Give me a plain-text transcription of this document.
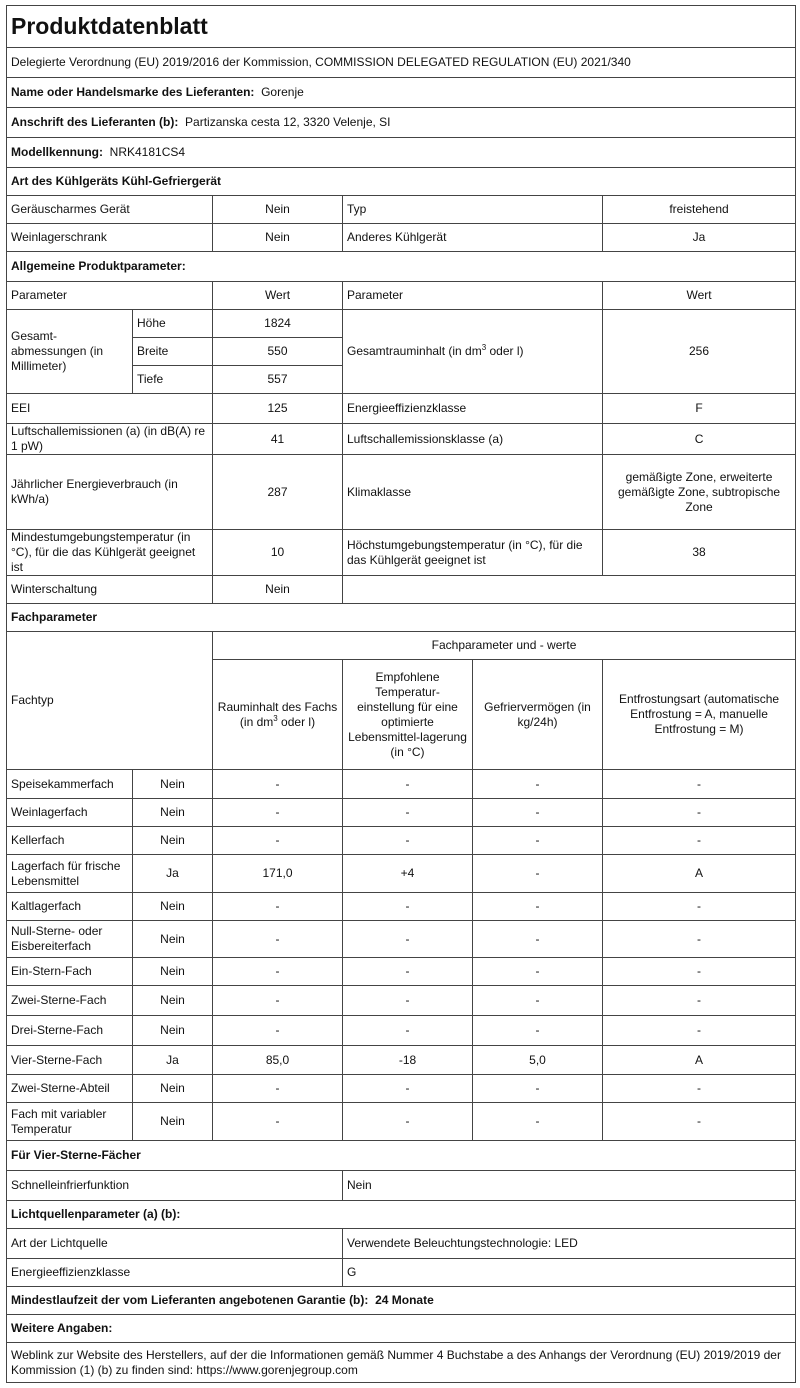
Produktdatenblatt					
Delegierte Verordnung (EU) 2019/2016 der Kommission, COMMISSION DELEGATED REGULATION (EU) 2021/340					
Name oder Handelsmarke des Lieferanten: Gorenje					
Anschrift des Lieferanten (b): Partizanska cesta 12, 3320 Velenje, SI					
Modellkennung: NRK4181CS4					
Art des Kühlgeräts Kühl-Gefriergerät					
Geräuscharmes Gerät		Nein	Typ		freistehend
Weinlagerschrank		Nein	Anderes Kühlgerät		Ja
Allgemeine Produktparameter:					
Parameter		Wert	Parameter		Wert
Gesamt-abmessungen (in Millimeter)	Höhe	1824	Gesamtrauminhalt (in $dm^3$ oder l)		256
	Breite	550			
	Tiefe	557			
EEI		125	Energieeffizienzklasse		F
Luftschallemissionen (a) (in dB(A) re 1 pW)		41	Luftschallemissionsklasse (a)		C
Jährlicher Energieverbrauch (in kWh/a)		287	Klimaklasse		gemäßigte Zone, erweiterte gemäßigte Zone, subtropische Zone
Mindestumgebungstemperatur (in °C), für die das Kühlgerät geeignet ist		10	Höchstumgebungstemperatur (in °C), für die das Kühlgerät geeignet ist		38
Winterschaltung		Nein			
Fachparameter					
Fachtyp		Fachparameter und - werte			
		Rauminhalt des Fachs (in $dm^3$ oder l)	Empfohlene Temperatur-einstellung für eine optimierte Lebensmittel-lagerung (in °C)	Gefriervermögen (in kg/24h)	Entfrostungsart (automatische Entfrostung = A, manuelle Entfrostung = M)
Speisekammerfach	Nein	-	-	-	-
Weinlagerfach	Nein	-	-	-	-
Kellerfach	Nein	-	-	-	-
Lagerfach für frische Lebensmittel	Ja	171,0	+4	-	A
Kaltlagerfach	Nein	-	-	-	-
Null-Sterne- oder Eisbereiterfach	Nein	-	-	-	-
Ein-Stern-Fach	Nein	-	-	-	-
Zwei-Sterne-Fach	Nein	-	-	-	-
Drei-Sterne-Fach	Nein	-	-	-	-
Vier-Sterne-Fach	Ja	85,0	-18	5,0	A
Zwei-Sterne-Abteil	Nein	-	-	-	-
Fach mit variabler Temperatur	Nein	-	-	-	-
Für Vier-Sterne-Fächer					
Schnelleinfrierfunktion			Nein		
Lichtquellenparameter (a) (b):					
Art der Lichtquelle			Verwendete Beleuchtungstechnologie: LED		
Energieeffizienzklasse			G		
Mindestlaufzeit der vom Lieferanten angebotenen Garantie (b): 24 Monate					
Weitere Angaben:					
Weblink zur Website des Herstellers, auf der die Informationen gemäß Nummer 4 Buchstabe a des Anhangs der Verordnung (EU) 2019/2019 der Kommission (1) (b) zu finden sind: https://www.gorenjegroup.com					
